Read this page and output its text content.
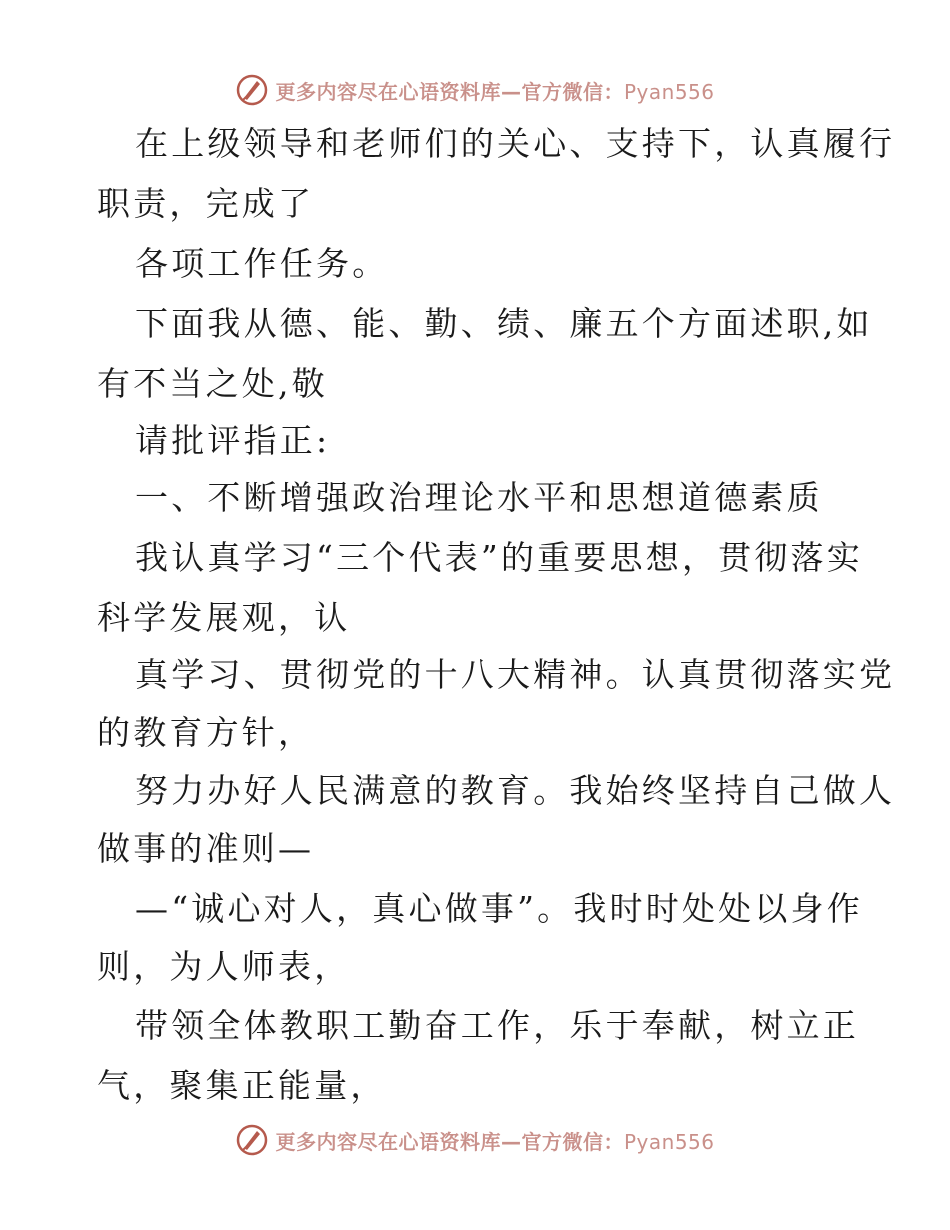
更多内容尽在心语资料库—官方微信：Pyan556
在上级领导和老师们的关心、支持下，认真履行
职责，完成了
各项工作任务。
下面我从德、能、勤、绩、廉五个方面述职,如
有不当之处,敬
请批评指正:
一、不断增强政治理论水平和思想道德素质
我认真学习“三个代表”的重要思想，贯彻落实
科学发展观，认
真学习、贯彻党的十八大精神。认真贯彻落实党
的教育方针，
努力办好人民满意的教育。我始终坚持自己做人
做事的准则—
—“诚心对人，真心做事”。我时时处处以身作
则，为人师表，
带领全体教职工勤奋工作，乐于奉献，树立正
气，聚集正能量，
更多内容尽在心语资料库—官方微信：Pyan556
